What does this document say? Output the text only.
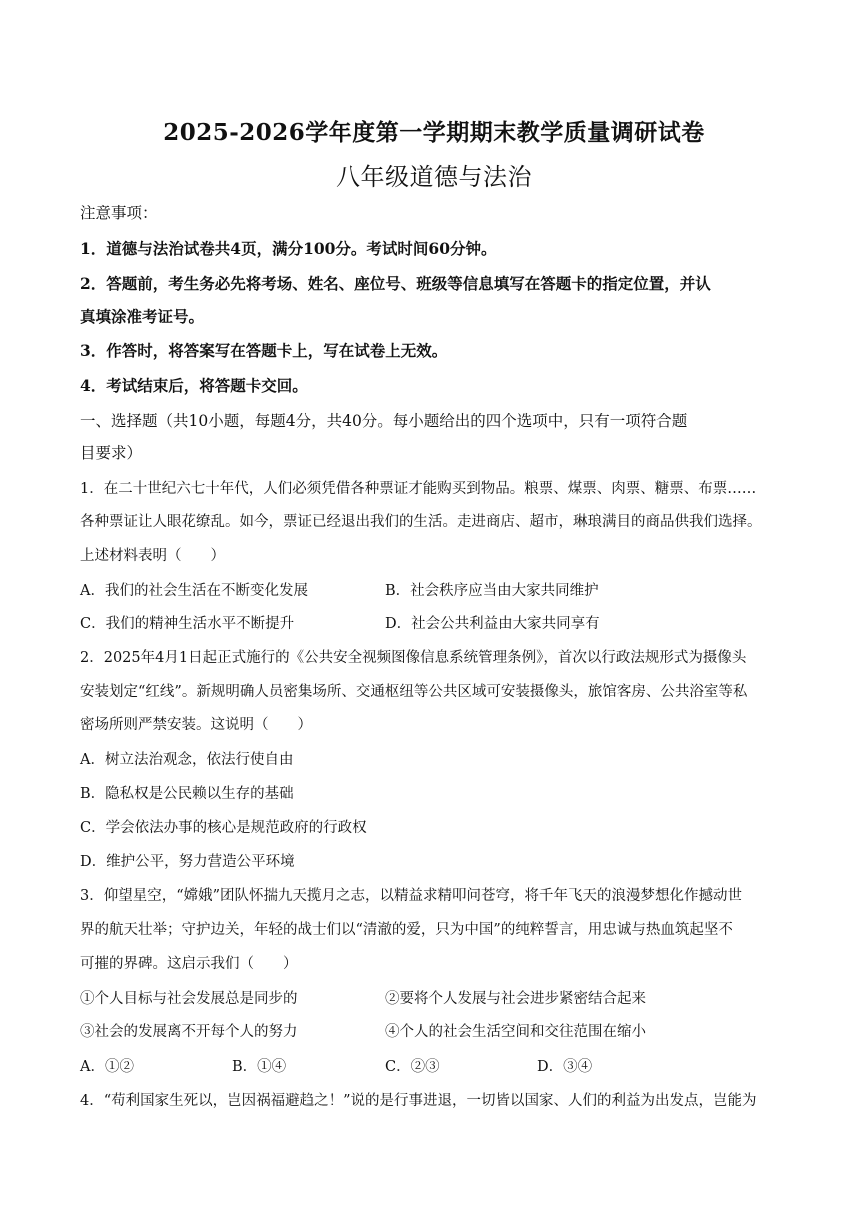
2025-2026学年度第一学期期末教学质量调研试卷
八年级道德与法治
注意事项：
1．道德与法治试卷共4页，满分100分。考试时间60分钟。
2．答题前，考生务必先将考场、姓名、座位号、班级等信息填写在答题卡的指定位置，并认
真填涂准考证号。
3．作答时，将答案写在答题卡上，写在试卷上无效。
4．考试结束后，将答题卡交回。
一、选择题（共10小题，每题4分，共40分。每小题给出的四个选项中，只有一项符合题
目要求）
1．在二十世纪六七十年代，人们必须凭借各种票证才能购买到物品。粮票、煤票、肉票、糖票、布票……
各种票证让人眼花缭乱。如今，票证已经退出我们的生活。走进商店、超市，琳琅满目的商品供我们选择。
上述材料表明（　　）
A．我们的社会生活在不断变化发展	B．社会秩序应当由大家共同维护
C．我们的精神生活水平不断提升	D．社会公共利益由大家共同享有
2．2025年4月1日起正式施行的《公共安全视频图像信息系统管理条例》，首次以行政法规形式为摄像头
安装划定“红线”。新规明确人员密集场所、交通枢纽等公共区域可安装摄像头，旅馆客房、公共浴室等私
密场所则严禁安装。这说明（　　）
A．树立法治观念，依法行使自由
B．隐私权是公民赖以生存的基础
C．学会依法办事的核心是规范政府的行政权
D．维护公平，努力营造公平环境
3．仰望星空，“嫦娥”团队怀揣九天揽月之志，以精益求精叩问苍穹，将千年飞天的浪漫梦想化作撼动世
界的航天壮举；守护边关，年轻的战士们以“清澈的爱，只为中国”的纯粹誓言，用忠诚与热血筑起坚不
可摧的界碑。这启示我们（　　）
①个人目标与社会发展总是同步的	②要将个人发展与社会进步紧密结合起来
③社会的发展离不开每个人的努力	④个人的社会生活空间和交往范围在缩小
A．①②	B．①④	C．②③	D．③④
4．“苟利国家生死以，岂因祸福避趋之！”说的是行事进退，一切皆以国家、人们的利益为出发点，岂能为
